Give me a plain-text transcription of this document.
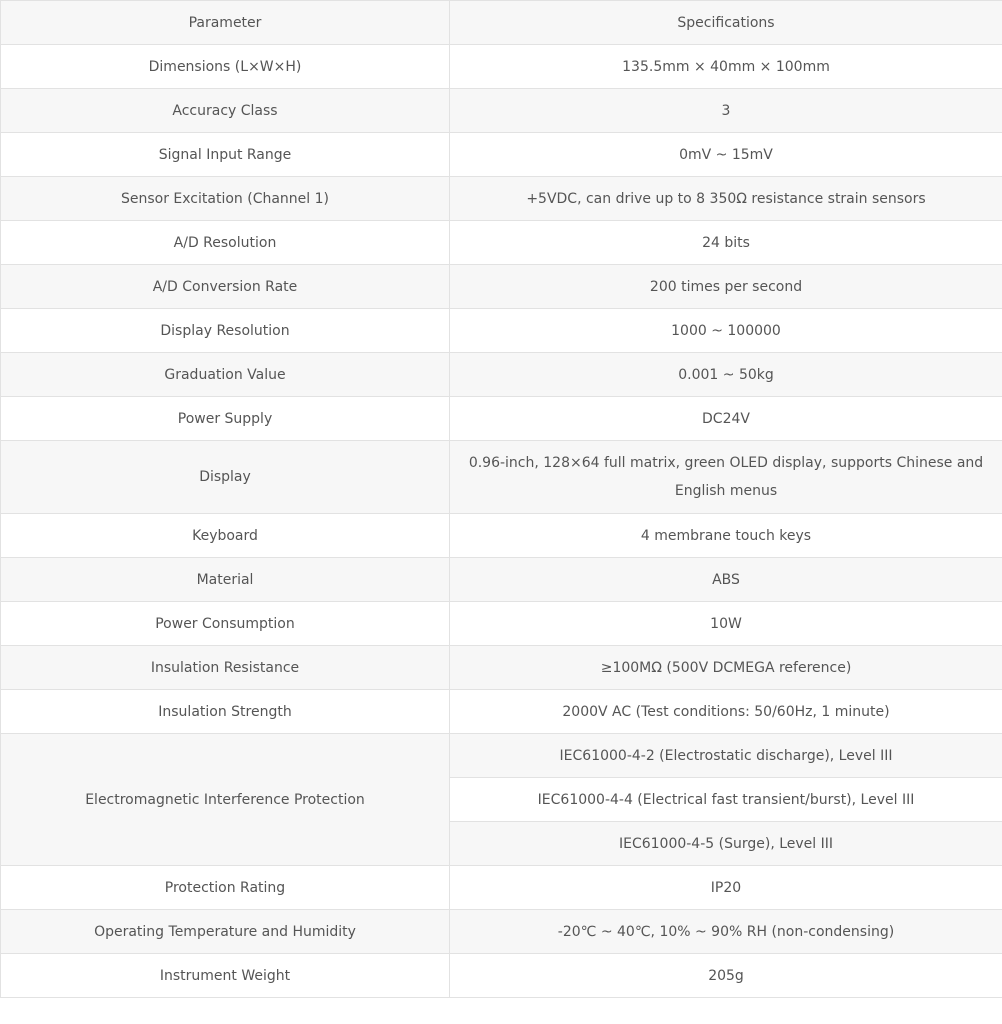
Parameter	Specifications
Dimensions (L×W×H)	135.5mm × 40mm × 100mm
Accuracy Class	3
Signal Input Range	0mV ~ 15mV
Sensor Excitation (Channel 1)	+5VDC, can drive up to 8 350Ω resistance strain sensors
A/D Resolution	24 bits
A/D Conversion Rate	200 times per second
Display Resolution	1000 ~ 100000
Graduation Value	0.001 ~ 50kg
Power Supply	DC24V
Display	0.96-inch, 128×64 full matrix, green OLED display, supports Chinese and English menus
Keyboard	4 membrane touch keys
Material	ABS
Power Consumption	10W
Insulation Resistance	≥100MΩ (500V DCMEGA reference)
Insulation Strength	2000V AC (Test conditions: 50/60Hz, 1 minute)
Electromagnetic Interference Protection	IEC61000-4-2 (Electrostatic discharge), Level III
	IEC61000-4-4 (Electrical fast transient/burst), Level III
	IEC61000-4-5 (Surge), Level III
Protection Rating	IP20
Operating Temperature and Humidity	-20℃ ~ 40℃, 10% ~ 90% RH (non-condensing)
Instrument Weight	205g
